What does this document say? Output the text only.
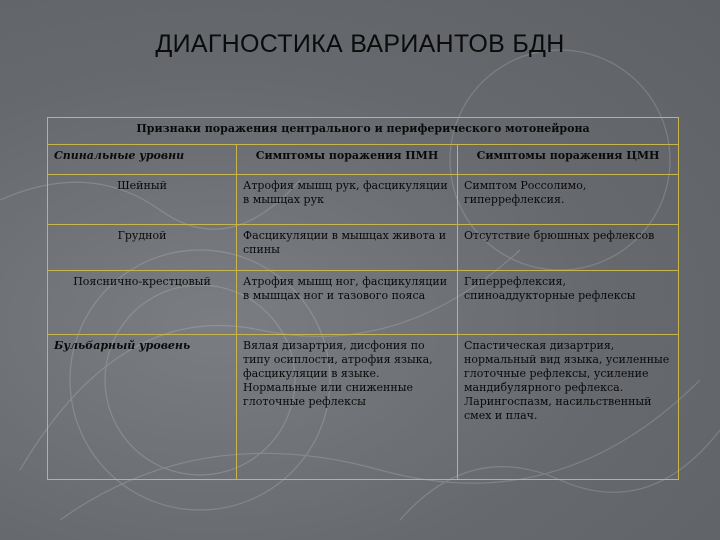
ДИАГНОСТИКА ВАРИАНТОВ БДН
Признаки поражения центрального и периферического мотонейрона		
Спинальные уровни	Симптомы поражения ПМН	Симптомы поражения ЦМН
Шейный	Атрофия мышц рук, фасцикуляции в мышцах рук	Симптом Россолимо, гиперрефлексия.
Грудной	Фасцикуляции в мышцах живота и спины	Отсутствие брюшных рефлексов
Пояснично-крестцовый	Атрофия мышц ног, фасцикуляции в мышцах ног и тазового пояса	Гиперрефлексия, спиноаддукторные рефлексы
Бульбарный уровень	Вялая дизартрия, дисфония по типу осиплости, атрофия языка, фасцикуляции в языке. Нормальные или сниженные глоточные рефлексы	Спастическая дизартрия, нормальный вид языка, усиленные глоточные рефлексы, усиление мандибулярного рефлекса. Ларингоспазм, насильственный смех и плач.
